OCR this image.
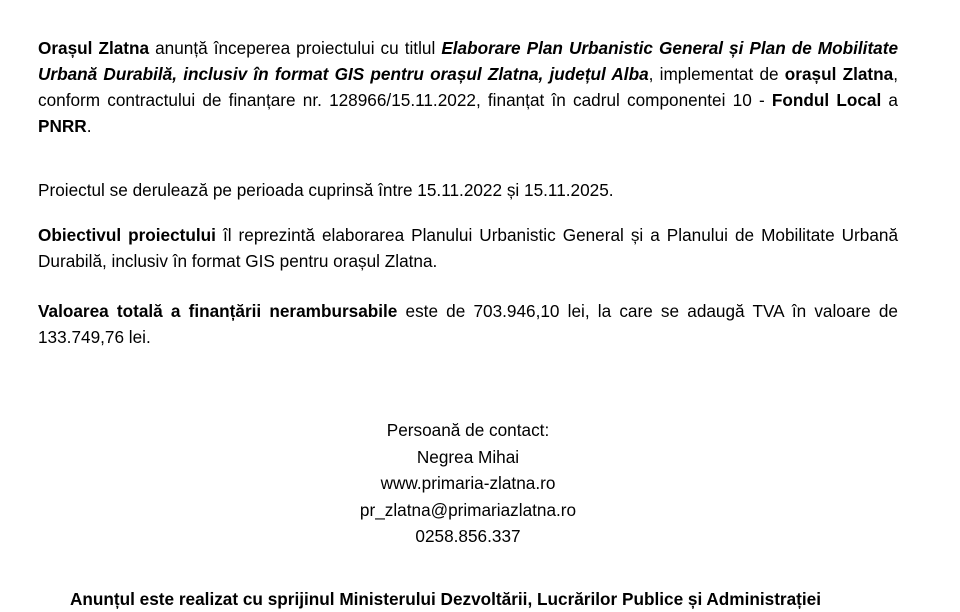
Orașul Zlatna anunță începerea proiectului cu titlul Elaborare Plan Urbanistic General și Plan de Mobilitate Urbană Durabilă, inclusiv în format GIS pentru orașul Zlatna, județul Alba, implementat de orașul Zlatna, conform contractului de finanțare nr. 128966/15.11.2022, finanțat în cadrul componentei 10 - Fondul Local a PNRR.

Proiectul se derulează pe perioada cuprinsă între 15.11.2022 și 15.11.2025.

Obiectivul proiectului îl reprezintă elaborarea Planului Urbanistic General și a Planului de Mobilitate Urbană Durabilă, inclusiv în format GIS pentru orașul Zlatna.

Valoarea totală a finanțării nerambursabile este de 703.946,10 lei, la care se adaugă TVA în valoare de 133.749,76 lei.

Persoană de contact:
Negrea Mihai
www.primaria-zlatna.ro
pr_zlatna@primariazlatna.ro
0258.856.337
Anunțul este realizat cu sprijinul Ministerului Dezvoltării, Lucrărilor Publice și Administrației
